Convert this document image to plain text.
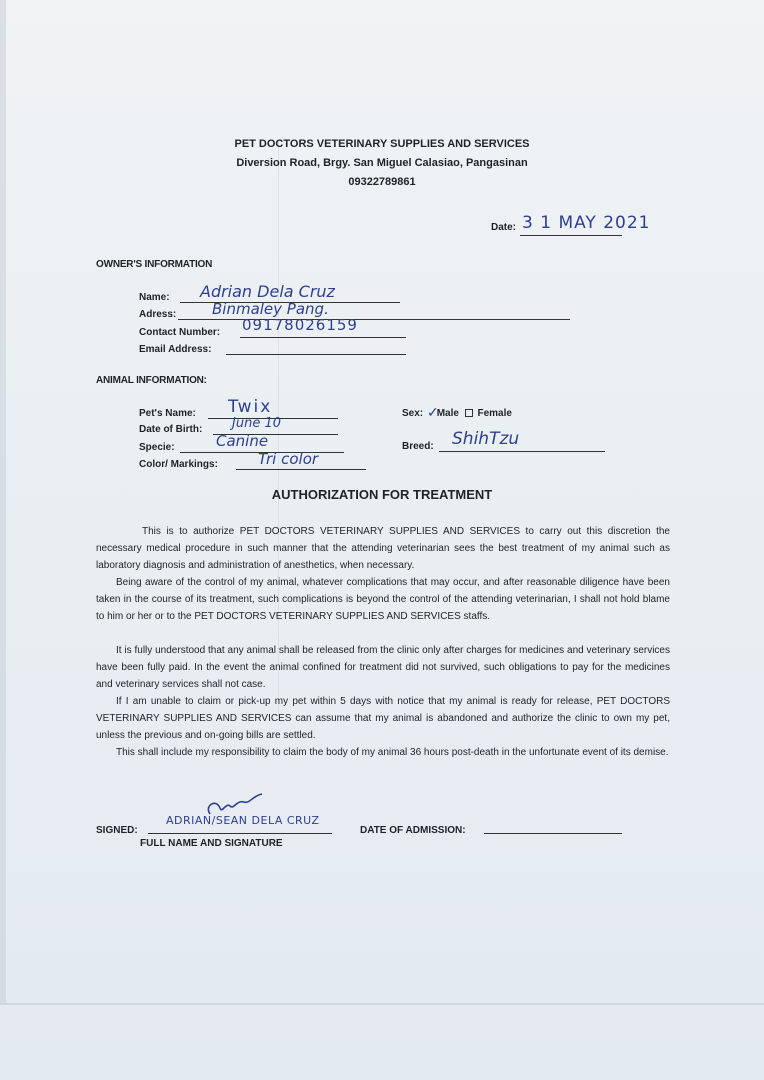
PET DOCTORS VETERINARY SUPPLIES AND SERVICES
Diversion Road, Brgy. San Miguel Calasiao, Pangasinan
09322789861
Date: 3 1 MAY 2021
OWNER'S INFORMATION
Name: Adrian Dela Cruz
Adress: Binmaley Pang.
Contact Number: 09178026159
Email Address:
ANIMAL INFORMATION:
Pet's Name: Twix
Date of Birth: June 10
Specie:	Canine
Color/ Markings:	Tri color
Sex: Male Female
✓
Breed: ShihTzu
AUTHORIZATION FOR TREATMENT

This is to authorize PET DOCTORS VETERINARY SUPPLIES AND SERVICES to carry out this discretion the necessary medical procedure in such manner that the attending veterinarian sees the best treatment of my animal such as laboratory diagnosis and administration of anesthetics, when necessary.

Being aware of the control of my animal, whatever complications that may occur, and after reasonable diligence have been taken in the course of its treatment, such complications is beyond the control of the attending veterinarian, I shall not hold blame to him or her or to the PET DOCTORS VETERINARY SUPPLIES AND SERVICES staffs.

It is fully understood that any animal shall be released from the clinic only after charges for medicines and veterinary services have been fully paid. In the event the animal confined for treatment did not survived, such obligations to pay for the medicines and veterinary services shall not case.

If I am unable to claim or pick-up my pet within 5 days with notice that my animal is ready for release, PET DOCTORS VETERINARY SUPPLIES AND SERVICES can assume that my animal is abandoned and authorize the clinic to own my pet, unless the previous and on-going bills are settled.

This shall include my responsibility to claim the body of my animal 36 hours post-death in the unfortunate event of its demise.

SIGNED:
ADRIAN/SEAN DELA CRUZ
FULL NAME AND SIGNATURE
DATE OF ADMISSION:
